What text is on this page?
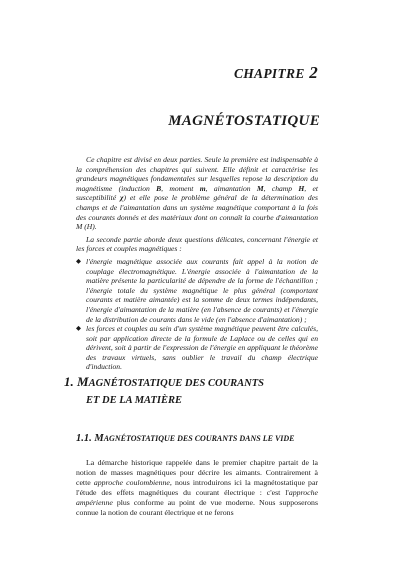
CHAPITRE 2
MAGNÉTOSTATIQUE

Ce chapitre est divisé en deux parties. Seule la première est indispensable à la compréhension des chapitres qui suivent. Elle définit et caractérise les grandeurs magnétiques fondamentales sur lesquelles repose la description du magnétisme (induction B, moment m, aimantation M, champ H, et susceptibilité χ) et elle pose le problème général de la détermination des champs et de l'aimantation dans un système magnétique comportant à la fois des courants donnés et des matériaux dont on connaît la courbe d'aimantation M (H).

La seconde partie aborde deux questions délicates, concernant l'énergie et les forces et couples magnétiques :

◆ l'énergie magnétique associée aux courants fait appel à la notion de couplage électromagnétique. L'énergie associée à l'aimantation de la matière présente la particularité de dépendre de la forme de l'échantillon ; l'énergie totale du système magnétique le plus général (comportant courants et matière aimantée) est la somme de deux termes indépendants, l'énergie d'aimantation de la matière (en l'absence de courants) et l'énergie de la distribution de courants dans le vide (en l'absence d'aimantation) ;
◆ les forces et couples au sein d'un système magnétique peuvent être calculés, soit par application directe de la formule de Laplace ou de celles qui en dérivent, soit à partir de l'expression de l'énergie en appliquant le théorème des travaux virtuels, sans oublier le travail du champ électrique d'induction.
1. MAGNÉTOSTATIQUE DES COURANTS
ET DE LA MATIÈRE
1.1. MAGNÉTOSTATIQUE DES COURANTS DANS LE VIDE

La démarche historique rappelée dans le premier chapitre partait de la notion de masses magnétiques pour décrire les aimants. Contrairement à cette approche coulombienne, nous introduirons ici la magnétostatique par l'étude des effets magnétiques du courant électrique : c'est l'approche ampérienne plus conforme au point de vue moderne. Nous supposerons connue la notion de courant électrique et ne ferons
